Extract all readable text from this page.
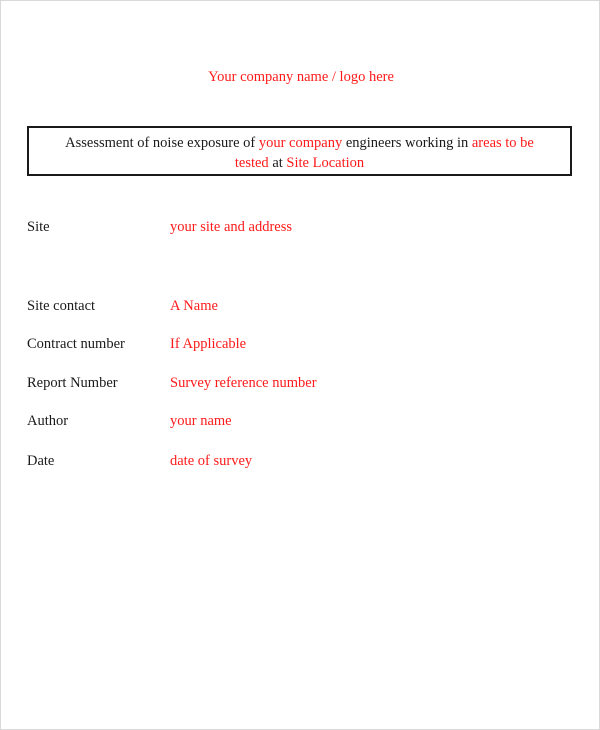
Your company name / logo here
Assessment of noise exposure of your company engineers working in areas to be
tested at Site Location
Site	your site and address
Site contact	A Name
Contract number	If Applicable
Report Number	Survey reference number
Author	your name
Date	date of survey
